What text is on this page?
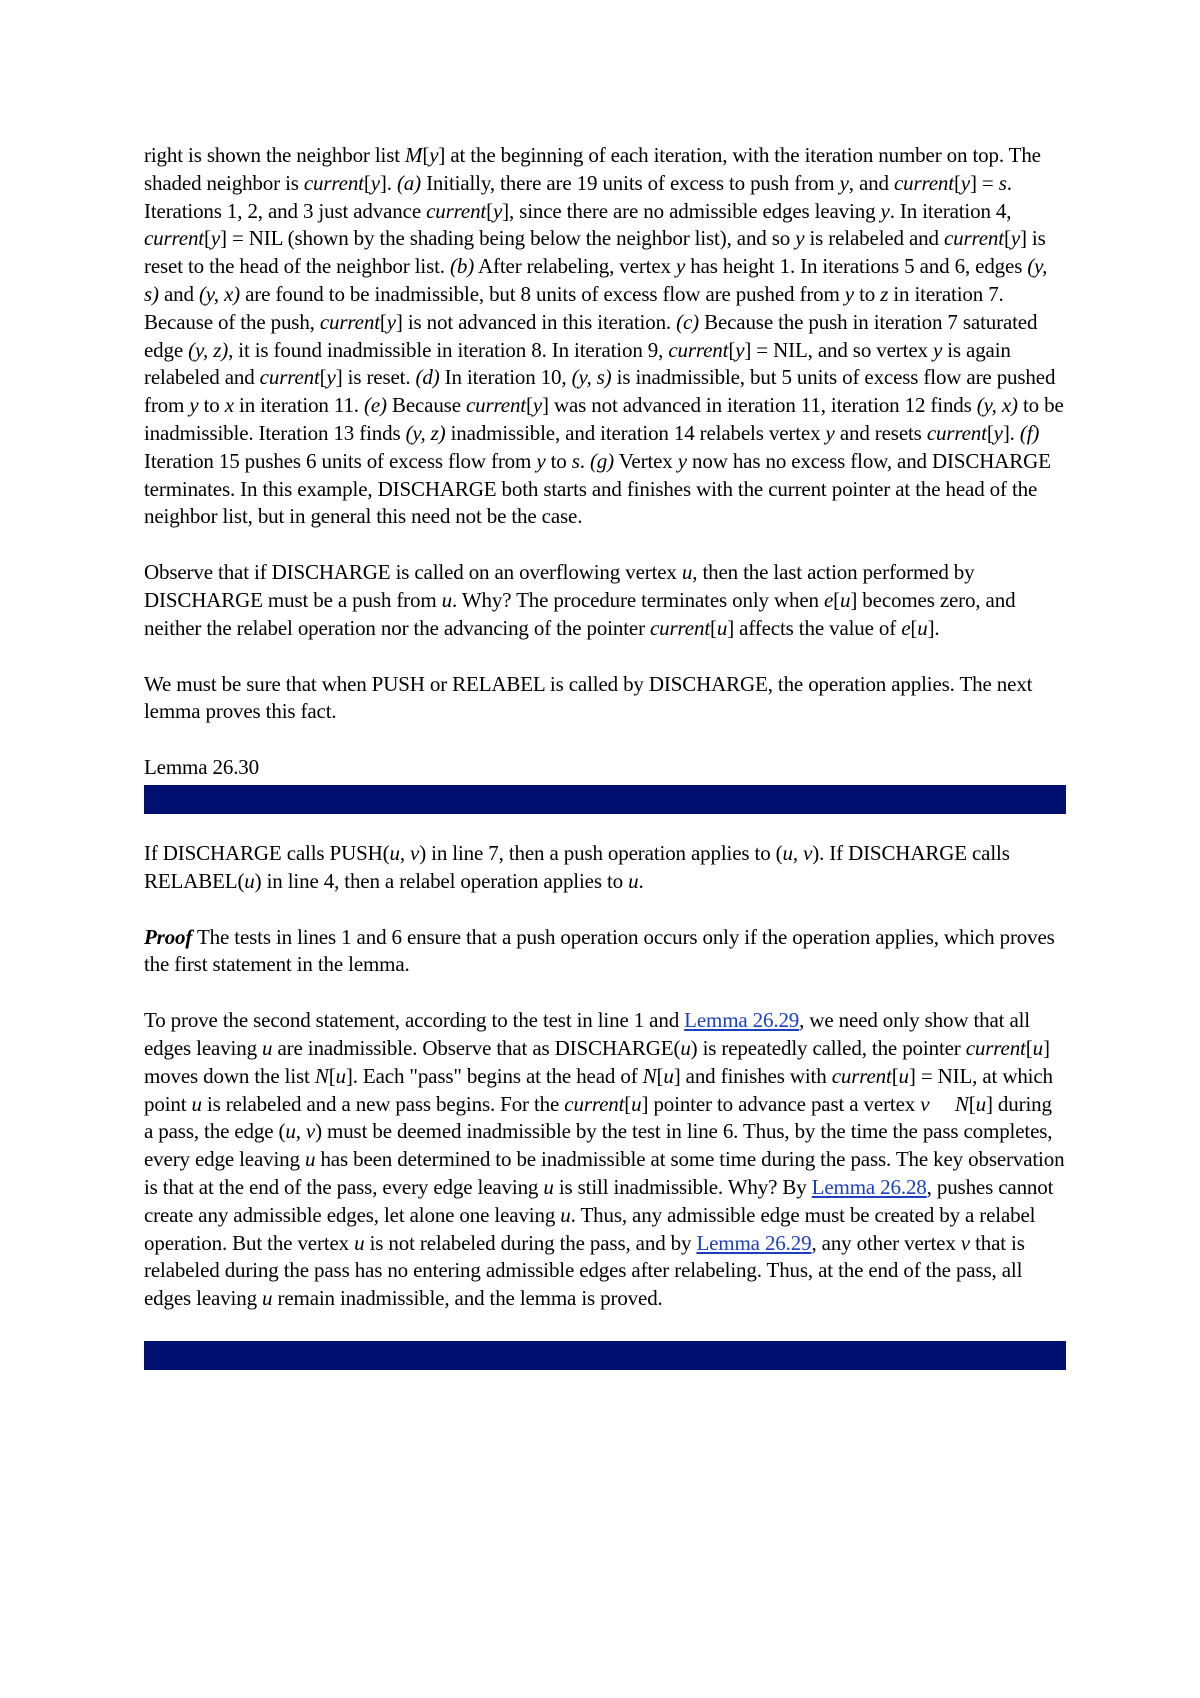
right is shown the neighbor list M[y] at the beginning of each iteration, with the iteration number on top. The shaded neighbor is current[y]. (a) Initially, there are 19 units of excess to push from y, and current[y] = s. Iterations 1, 2, and 3 just advance current[y], since there are no admissible edges leaving y. In iteration 4, current[y] = NIL (shown by the shading being below the neighbor list), and so y is relabeled and current[y] is reset to the head of the neighbor list. (b) After relabeling, vertex y has height 1. In iterations 5 and 6, edges (y, s) and (y, x) are found to be inadmissible, but 8 units of excess flow are pushed from y to z in iteration 7. Because of the push, current[y] is not advanced in this iteration. (c) Because the push in iteration 7 saturated edge (y, z), it is found inadmissible in iteration 8. In iteration 9, current[y] = NIL, and so vertex y is again relabeled and current[y] is reset. (d) In iteration 10, (y, s) is inadmissible, but 5 units of excess flow are pushed from y to x in iteration 11. (e) Because current[y] was not advanced in iteration 11, iteration 12 finds (y, x) to be inadmissible. Iteration 13 finds (y, z) inadmissible, and iteration 14 relabels vertex y and resets current[y]. (f) Iteration 15 pushes 6 units of excess flow from y to s. (g) Vertex y now has no excess flow, and DISCHARGE terminates. In this example, DISCHARGE both starts and finishes with the current pointer at the head of the neighbor list, but in general this need not be the case.

Observe that if DISCHARGE is called on an overflowing vertex u, then the last action performed by DISCHARGE must be a push from u. Why? The procedure terminates only when e[u] becomes zero, and neither the relabel operation nor the advancing of the pointer current[u] affects the value of e[u].

We must be sure that when PUSH or RELABEL is called by DISCHARGE, the operation applies. The next lemma proves this fact.

Lemma 26.30

If DISCHARGE calls PUSH(u, v) in line 7, then a push operation applies to (u, v). If DISCHARGE calls RELABEL(u) in line 4, then a relabel operation applies to u.

Proof The tests in lines 1 and 6 ensure that a push operation occurs only if the operation applies, which proves the first statement in the lemma.

To prove the second statement, according to the test in line 1 and Lemma 26.29, we need only show that all edges leaving u are inadmissible. Observe that as DISCHARGE(u) is repeatedly called, the pointer current[u] moves down the list N[u]. Each "pass" begins at the head of N[u] and finishes with current[u] = NIL, at which point u is relabeled and a new pass begins. For the current[u] pointer to advance past a vertex v N[u] during a pass, the edge (u, v) must be deemed inadmissible by the test in line 6. Thus, by the time the pass completes, every edge leaving u has been determined to be inadmissible at some time during the pass. The key observation is that at the end of the pass, every edge leaving u is still inadmissible. Why? By Lemma 26.28, pushes cannot create any admissible edges, let alone one leaving u. Thus, any admissible edge must be created by a relabel operation. But the vertex u is not relabeled during the pass, and by Lemma 26.29, any other vertex v that is relabeled during the pass has no entering admissible edges after relabeling. Thus, at the end of the pass, all edges leaving u remain inadmissible, and the lemma is proved.
